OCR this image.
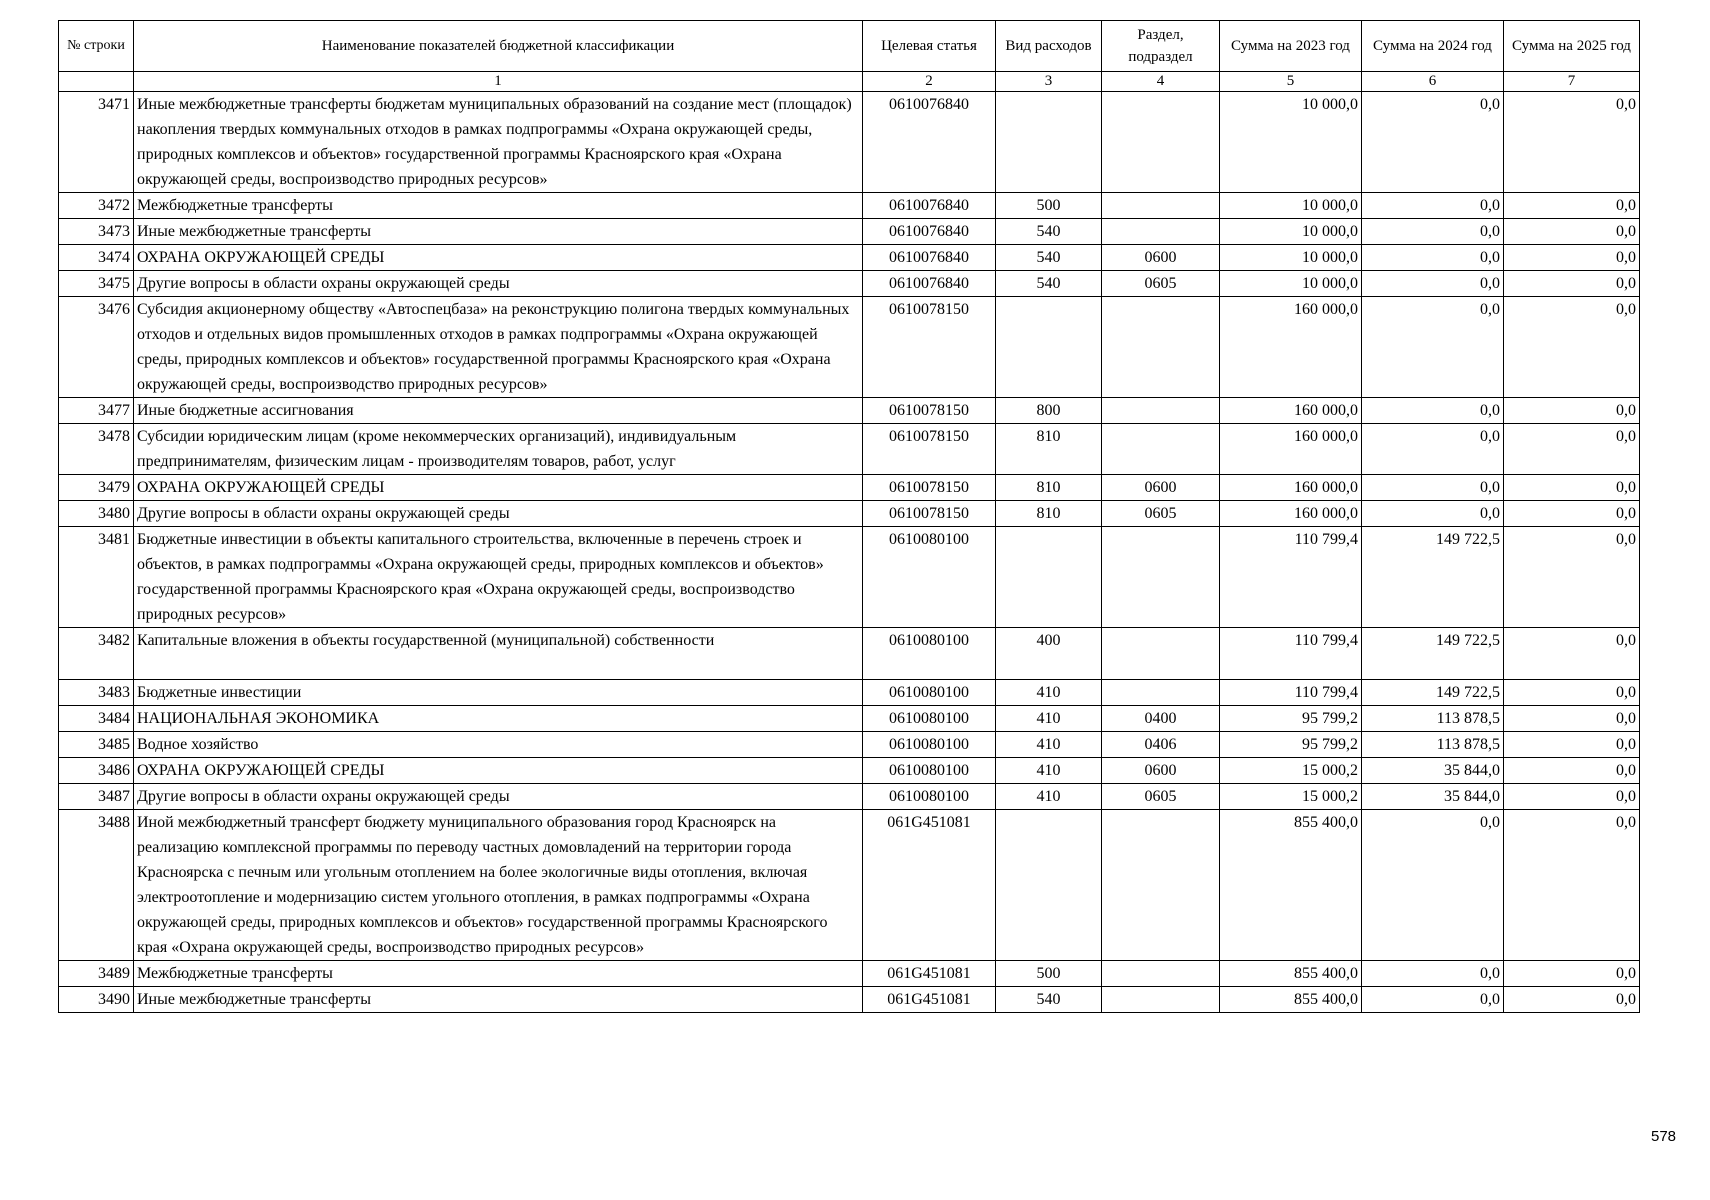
№ строки	Наименование показателей бюджетной классификации	Целевая статья	Вид расходов	Раздел, подраздел	Сумма на 2023 год	Сумма на 2024 год	Сумма на 2025 год
	1	2	3	4	5	6	7
3471	Иные межбюджетные трансферты бюджетам муниципальных образований на создание мест (площадок) накопления твердых коммунальных отходов в рамках подпрограммы «Охрана окружающей среды, природных комплексов и объектов» государственной программы Красноярского края «Охрана окружающей среды, воспроизводство природных ресурсов»	0610076840			10 000,0	0,0	0,0
3472	Межбюджетные трансферты	0610076840	500		10 000,0	0,0	0,0
3473	Иные межбюджетные трансферты	0610076840	540		10 000,0	0,0	0,0
3474	ОХРАНА ОКРУЖАЮЩЕЙ СРЕДЫ	0610076840	540	0600	10 000,0	0,0	0,0
3475	Другие вопросы в области охраны окружающей среды	0610076840	540	0605	10 000,0	0,0	0,0
3476	Субсидия акционерному обществу «Автоспецбаза» на реконструкцию полигона твердых коммунальных отходов и отдельных видов промышленных отходов в рамках подпрограммы «Охрана окружающей среды, природных комплексов и объектов» государственной программы Красноярского края «Охрана окружающей среды, воспроизводство природных ресурсов»	0610078150			160 000,0	0,0	0,0
3477	Иные бюджетные ассигнования	0610078150	800		160 000,0	0,0	0,0
3478	Субсидии юридическим лицам (кроме некоммерческих организаций), индивидуальным предпринимателям, физическим лицам - производителям товаров, работ, услуг	0610078150	810		160 000,0	0,0	0,0
3479	ОХРАНА ОКРУЖАЮЩЕЙ СРЕДЫ	0610078150	810	0600	160 000,0	0,0	0,0
3480	Другие вопросы в области охраны окружающей среды	0610078150	810	0605	160 000,0	0,0	0,0
3481	Бюджетные инвестиции в объекты капитального строительства, включенные в перечень строек и объектов, в рамках подпрограммы «Охрана окружающей среды, природных комплексов и объектов» государственной программы Красноярского края «Охрана окружающей среды, воспроизводство природных ресурсов»	0610080100			110 799,4	149 722,5	0,0
3482	Капитальные вложения в объекты государственной (муниципальной) собственности	0610080100	400		110 799,4	149 722,5	0,0
3483	Бюджетные инвестиции	0610080100	410		110 799,4	149 722,5	0,0
3484	НАЦИОНАЛЬНАЯ ЭКОНОМИКА	0610080100	410	0400	95 799,2	113 878,5	0,0
3485	Водное хозяйство	0610080100	410	0406	95 799,2	113 878,5	0,0
3486	ОХРАНА ОКРУЖАЮЩЕЙ СРЕДЫ	0610080100	410	0600	15 000,2	35 844,0	0,0
3487	Другие вопросы в области охраны окружающей среды	0610080100	410	0605	15 000,2	35 844,0	0,0
3488	Иной межбюджетный трансферт бюджету муниципального образования город Красноярск на реализацию комплексной программы по переводу частных домовладений на территории города Красноярска с печным или угольным отоплением на более экологичные виды отопления, включая электроотопление и модернизацию систем угольного отопления, в рамках подпрограммы «Охрана окружающей среды, природных комплексов и объектов» государственной программы Красноярского края «Охрана окружающей среды, воспроизводство природных ресурсов»	061G451081			855 400,0	0,0	0,0
3489	Межбюджетные трансферты	061G451081	500		855 400,0	0,0	0,0
3490	Иные межбюджетные трансферты	061G451081	540		855 400,0	0,0	0,0
578
